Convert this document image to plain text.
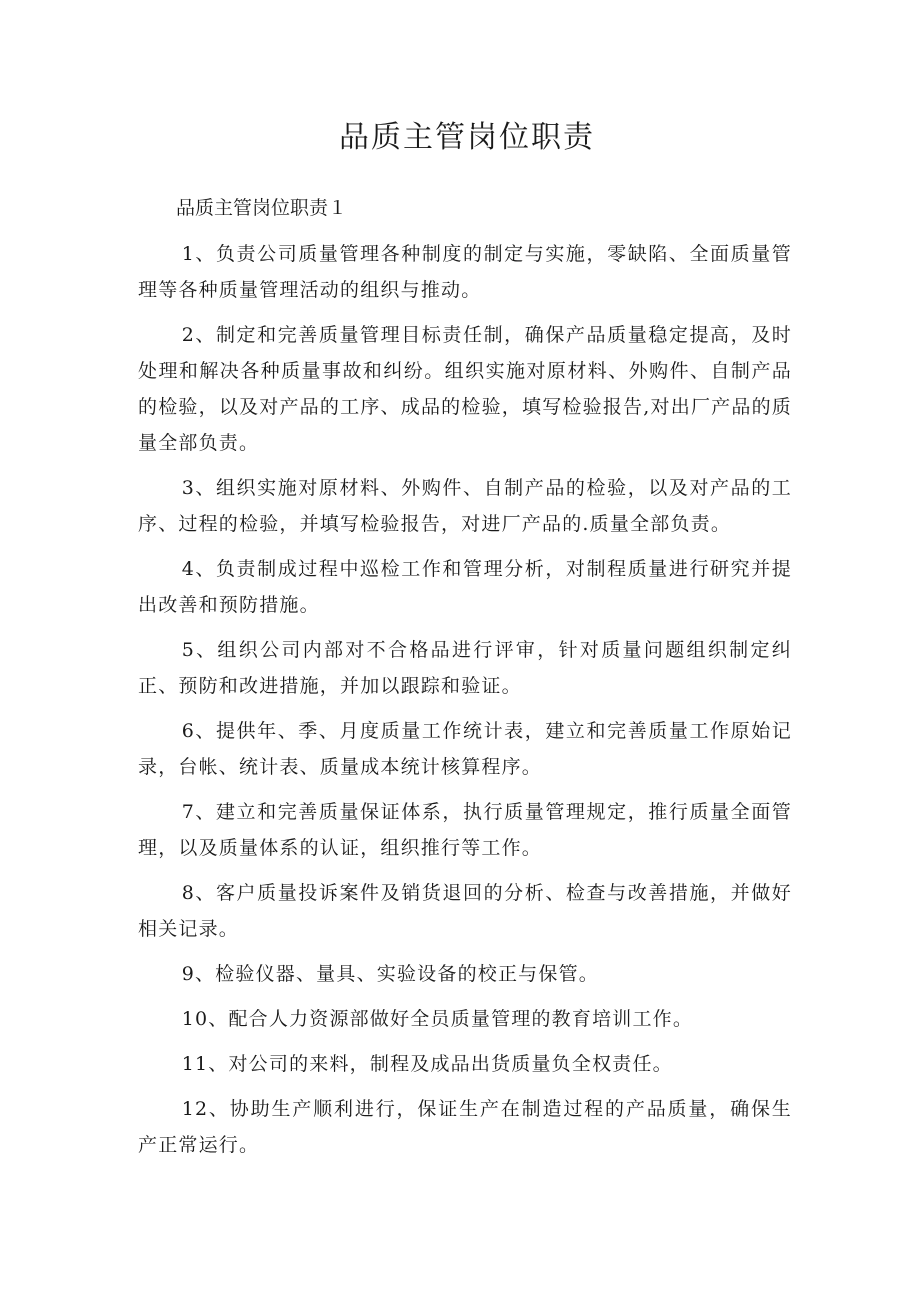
品质主管岗位职责

品质主管岗位职责１

1、负责公司质量管理各种制度的制定与实施，零缺陷、全面质量管理等各种质量管理活动的组织与推动。

2、制定和完善质量管理目标责任制，确保产品质量稳定提高，及时处理和解决各种质量事故和纠纷。组织实施对原材料、外购件、自制产品的检验，以及对产品的工序、成品的检验，填写检验报告,对出厂产品的质量全部负责。

3、组织实施对原材料、外购件、自制产品的检验，以及对产品的工序、过程的检验，并填写检验报告，对进厂产品的.质量全部负责。

4、负责制成过程中巡检工作和管理分析，对制程质量进行研究并提出改善和预防措施。

5、组织公司内部对不合格品进行评审，针对质量问题组织制定纠正、预防和改进措施，并加以跟踪和验证。

6、提供年、季、月度质量工作统计表，建立和完善质量工作原始记录，台帐、统计表、质量成本统计核算程序。

7、建立和完善质量保证体系，执行质量管理规定，推行质量全面管理，以及质量体系的认证，组织推行等工作。

8、客户质量投诉案件及销货退回的分析、检查与改善措施，并做好相关记录。

9、检验仪器、量具、实验设备的校正与保管。

10、配合人力资源部做好全员质量管理的教育培训工作。

11、对公司的来料，制程及成品出货质量负全权责任。

12、协助生产顺利进行，保证生产在制造过程的产品质量，确保生产正常运行。
